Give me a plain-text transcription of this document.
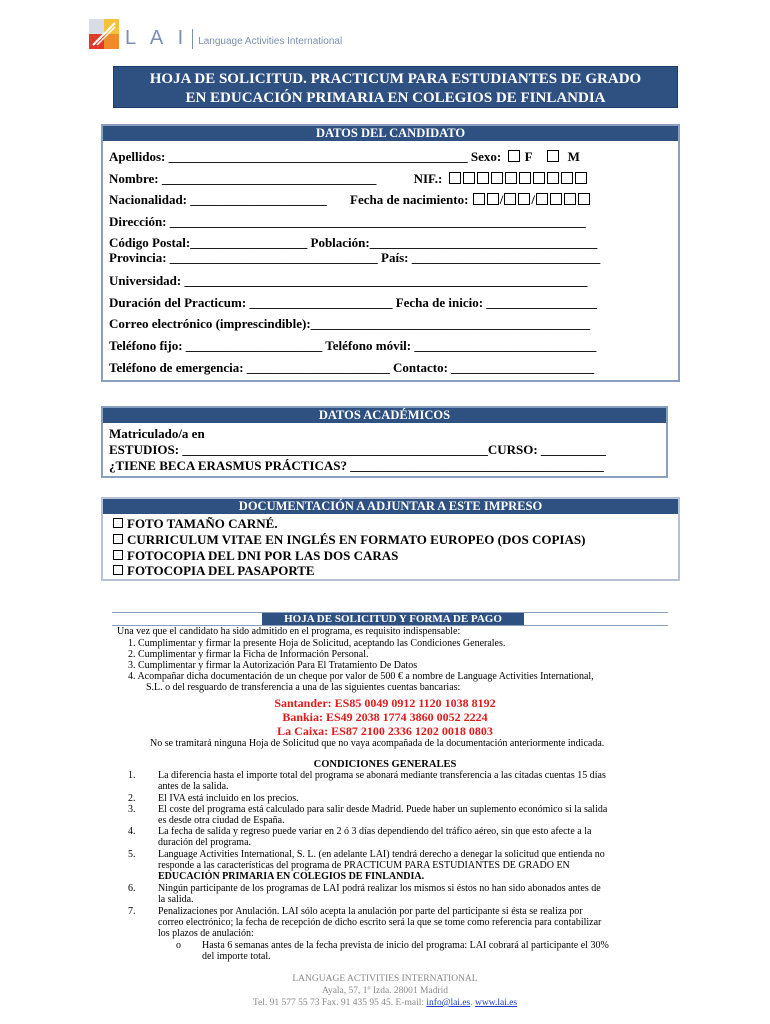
L A I Language Activities International
HOJA DE SOLICITUD. PRACTICUM PARA ESTUDIANTES DE GRADO
EN EDUCACIÓN PRIMARIA EN COLEGIOS DE FINLANDIA
DATOS DEL CANDIDATO
Apellidos: ______________________________________________ Sexo: F	M
Nombre: _________________________________	NIF.:
Nacionalidad: _____________________ Fecha de nacimiento: / /
Dirección: ________________________________________________________________
Código Postal:__________________ Población:___________________________________
Provincia: ________________________________ País: _____________________________
Universidad: ______________________________________________________________
Duración del Practicum: ______________________ Fecha de inicio: _________________
Correo electrónico (imprescindible):___________________________________________
Teléfono fijo: _____________________ Teléfono móvil: ____________________________
Teléfono de emergencia: ______________________ Contacto: ______________________
DATOS ACADÉMICOS
Matriculado/a en
ESTUDIOS: _______________________________________________CURSO: __________
¿TIENE BECA ERASMUS PRÁCTICAS? _______________________________________
DOCUMENTACIÓN A ADJUNTAR A ESTE IMPRESO
FOTO TAMAÑO CARNÉ.
CURRICULUM VITAE EN INGLÉS EN FORMATO EUROPEO (DOS COPIAS)
FOTOCOPIA DEL DNI POR LAS DOS CARAS
FOTOCOPIA DEL PASAPORTE
HOJA DE SOLICITUD Y FORMA DE PAGO
Una vez que el candidato ha sido admitido en el programa, es requisito indispensable:
1. Cumplimentar y firmar la presente Hoja de Solicitud, aceptando las Condiciones Generales.
2. Cumplimentar y firmar la Ficha de Información Personal.
3. Cumplimentar y firmar la Autorización Para El Tratamiento De Datos
4. Acompañar dicha documentación de un cheque por valor de 500 € a nombre de Language Activities International,
S.L. o del resguardo de transferencia a una de las siguientes cuentas bancarias:
Santander: ES85 0049 0912 1120 1038 8192
Bankia: ES49 2038 1774 3860 0052 2224
La Caixa: ES87 2100 2336 1202 0018 0803
No se tramitará ninguna Hoja de Solicitud que no vaya acompañada de la documentación anteriormente indicada.
CONDICIONES GENERALES
1. La diferencia hasta el importe total del programa se abonará mediante transferencia a las citadas cuentas 15 días
antes de la salida.
2. El IVA está incluido en los precios.
3. El coste del programa está calculado para salir desde Madrid. Puede haber un suplemento económico si la salida
es desde otra ciudad de España.
4. La fecha de salida y regreso puede variar en 2 ó 3 días dependiendo del tráfico aéreo, sin que esto afecte a la
duración del programa.
5. Language Activities International, S. L. (en adelante LAI) tendrá derecho a denegar la solicitud que entienda no
responde a las características del programa de PRACTICUM PARA ESTUDIANTES DE GRADO EN
EDUCACIÓN PRIMARIA EN COLEGIOS DE FINLANDIA.
6. Ningún participante de los programas de LAI podrá realizar los mismos si éstos no han sido abonados antes de
la salida.
7. Penalizaciones por Anulación. LAI sólo acepta la anulación por parte del participante si ésta se realiza por
correo electrónico; la fecha de recepción de dicho escrito será la que se tome como referencia para contabilizar
los plazos de anulación:
o Hasta 6 semanas antes de la fecha prevista de inicio del programa: LAI cobrará al participante el 30%
del importe total.
LANGUAGE ACTIVITIES INTERNATIONAL
Ayala, 57, 1º Izda. 28001 Madrid
Tel. 91 577 55 73 Fax. 91 435 95 45. E-mail: info@lai.es. www.lai.es
